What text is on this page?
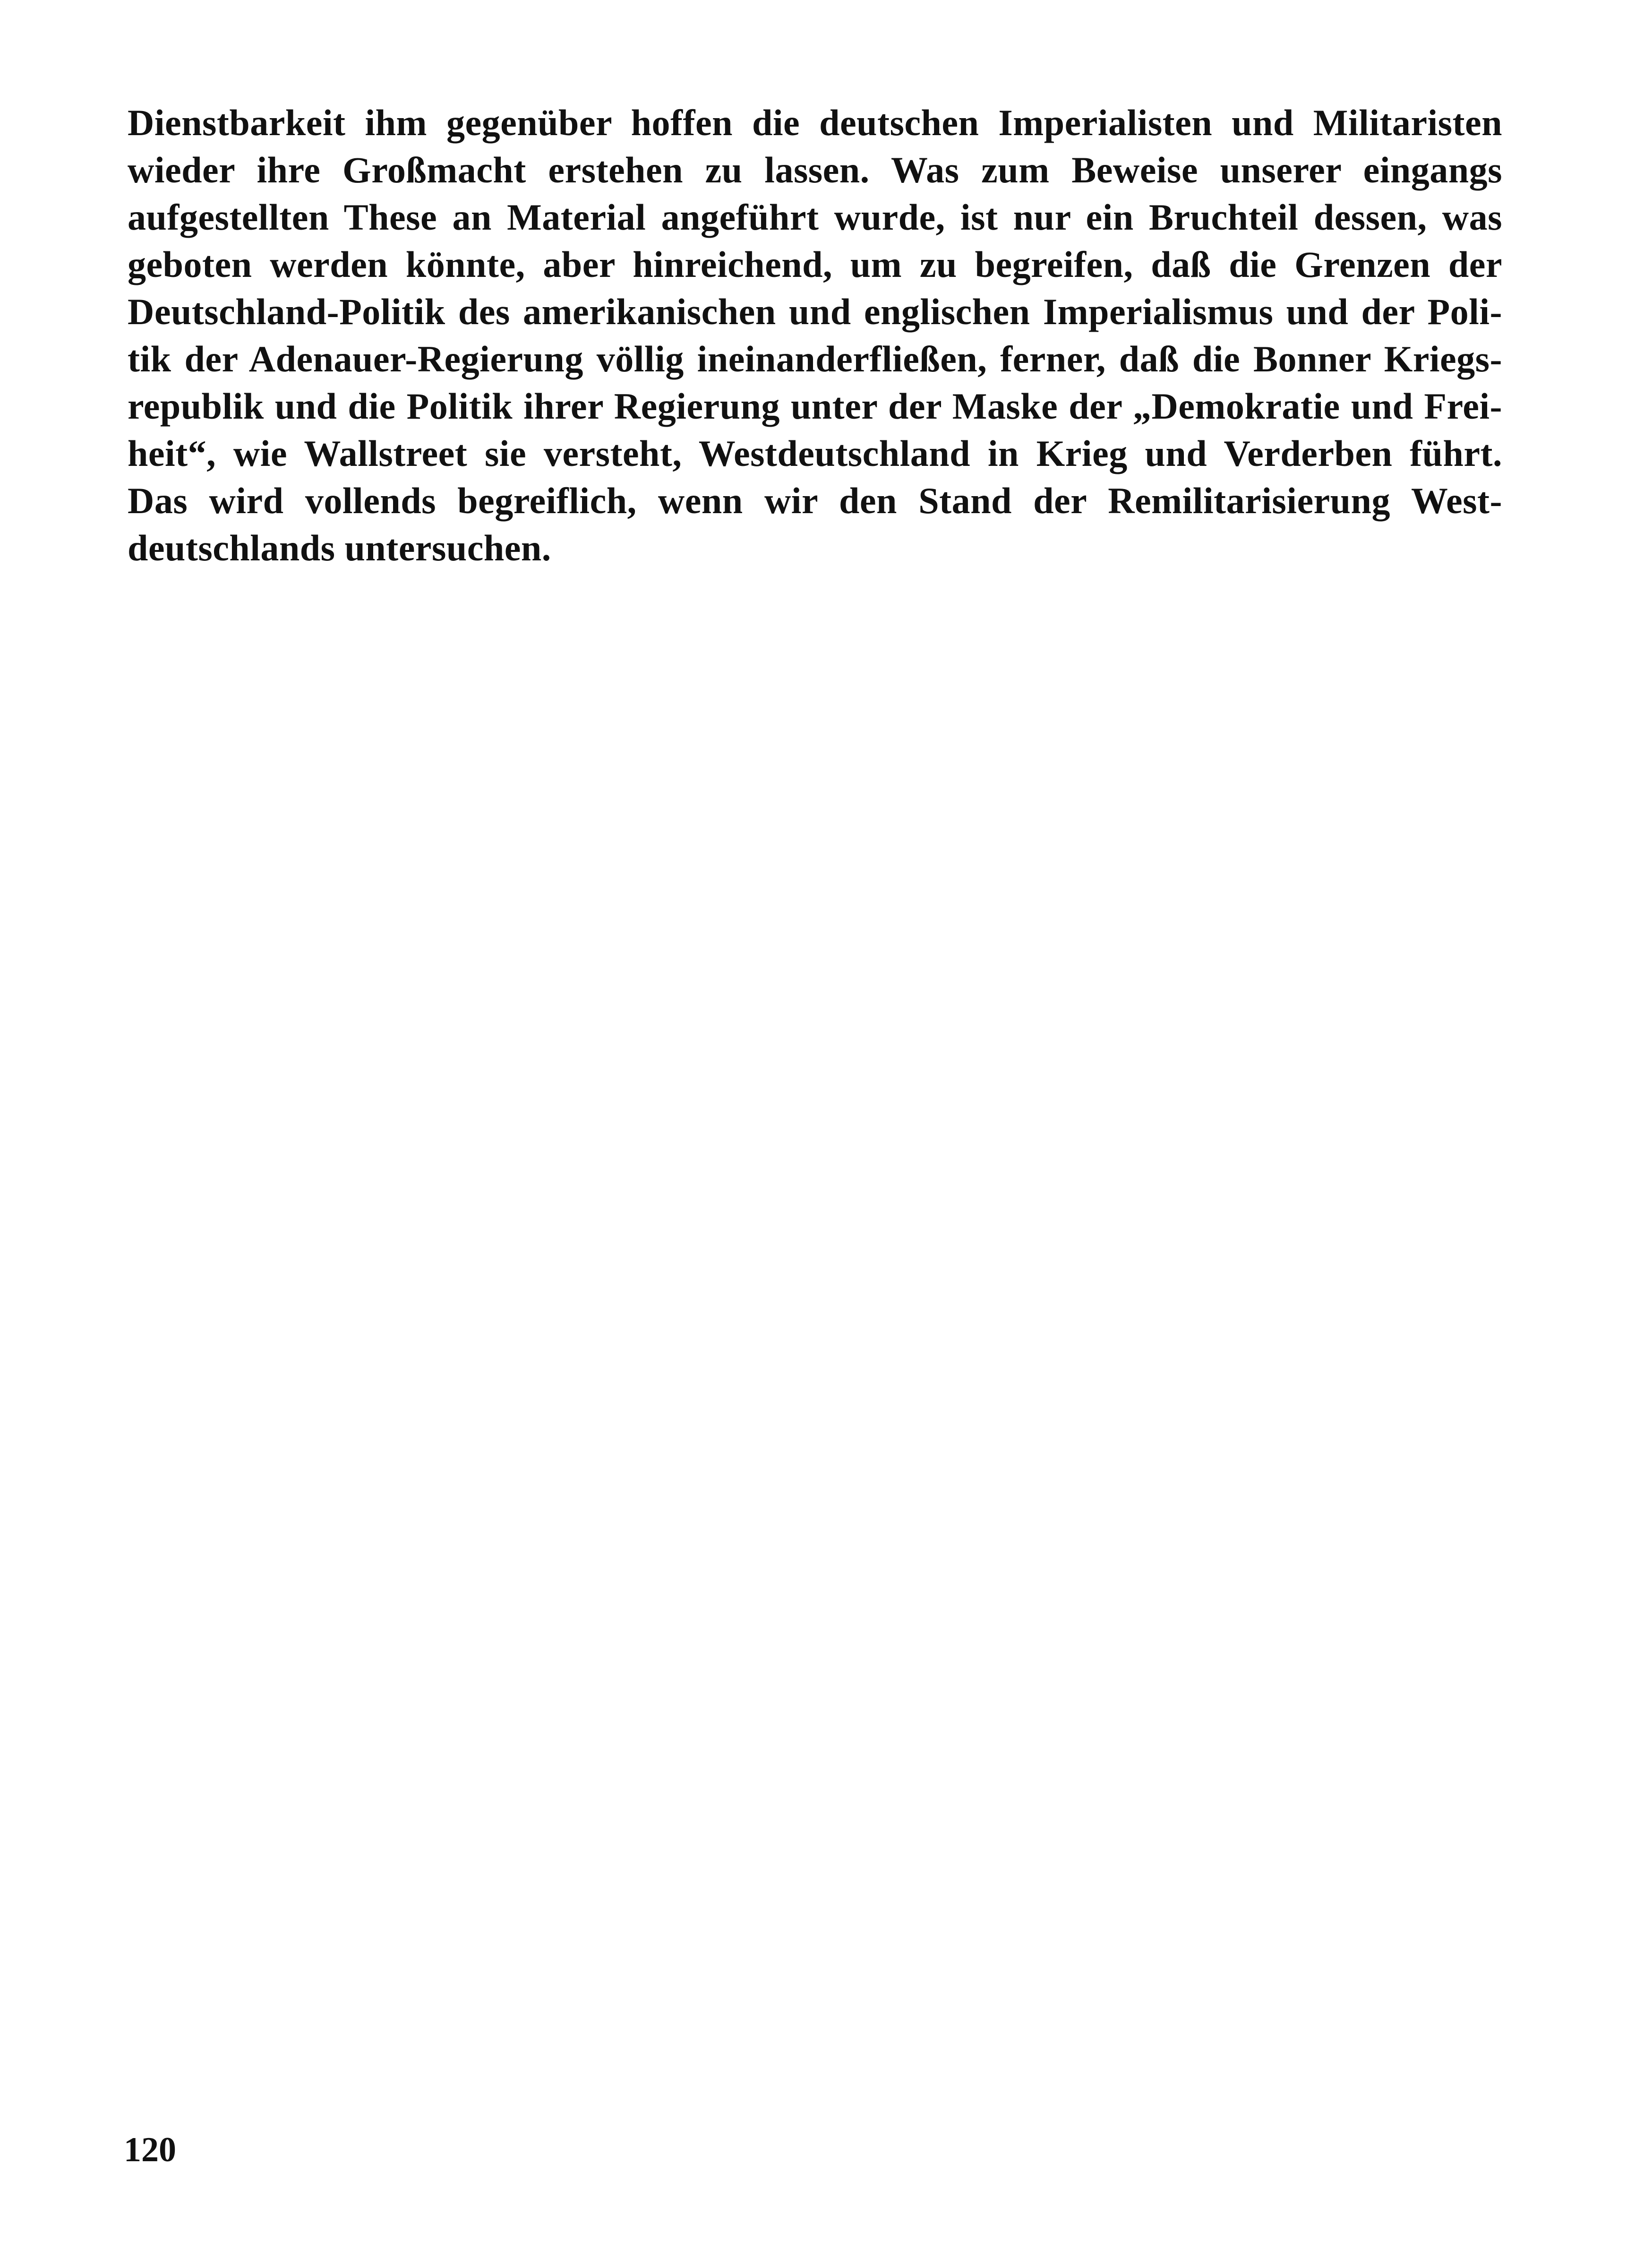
Dienstbarkeit ihm gegenüber hoffen die deutschen Imperialisten und Militaristen
wieder ihre Großmacht erstehen zu lassen. Was zum Beweise unserer eingangs
aufgestellten These an Material angeführt wurde, ist nur ein Bruchteil dessen, was
geboten werden könnte, aber hinreichend, um zu begreifen, daß die Grenzen der
Deutschland-Politik des amerikanischen und englischen Imperialismus und der Poli-
tik der Adenauer-Regierung völlig ineinanderfließen, ferner, daß die Bonner Kriegs-
republik und die Politik ihrer Regierung unter der Maske der „Demokratie und Frei-
heit“, wie Wallstreet sie versteht, Westdeutschland in Krieg und Verderben führt.
Das wird vollends begreiflich, wenn wir den Stand der Remilitarisierung West-
deutschlands untersuchen.
120
